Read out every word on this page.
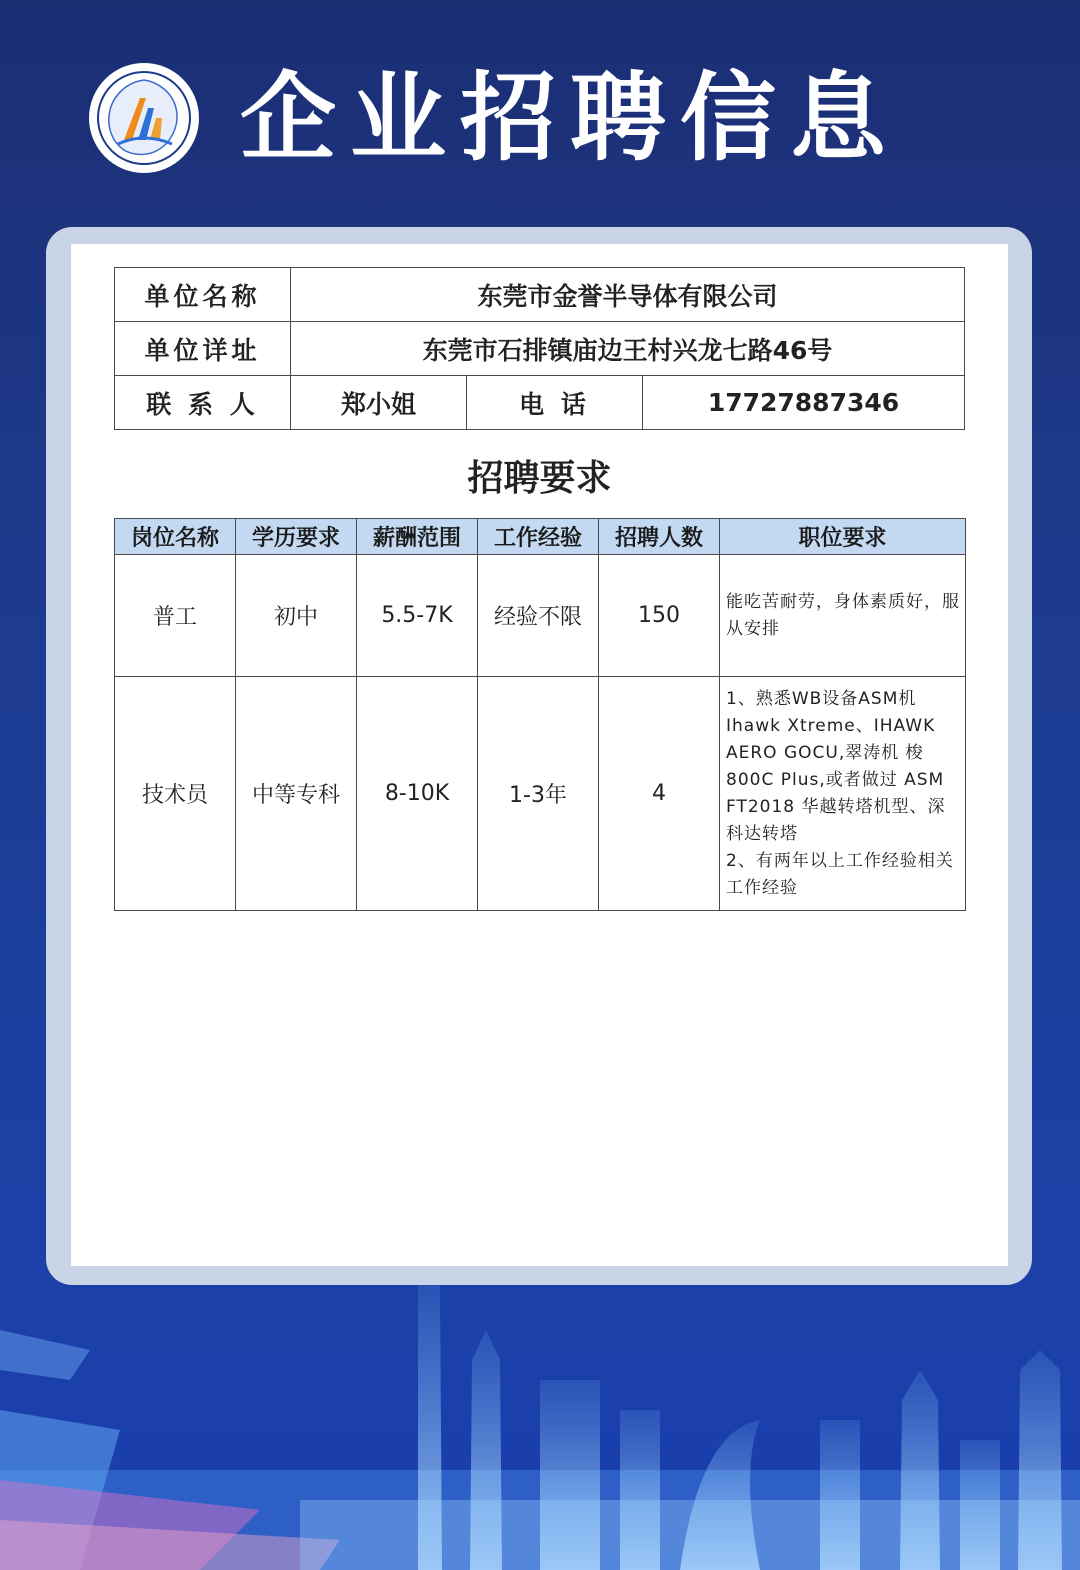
企业招聘信息
单位名称	东莞市金誉半导体有限公司		
单位详址	东莞市石排镇庙边王村兴龙七路46号		
联 系 人	郑小姐	电 话	17727887346
招聘要求
岗位名称	学历要求	薪酬范围	工作经验	招聘人数	职位要求
普工	初中	5.5-7K	经验不限	150	能吃苦耐劳，身体素质好，服从安排
技术员	中等专科	8-10K	1-3年	4	1、熟悉WB设备ASM机Ihawk Xtreme、IHAWK AERO GOCU,翠涛机 梭800C Plus,或者做过 ASM FT2018 华越转塔机型、深科达转塔
2、有两年以上工作经验相关工作经验
